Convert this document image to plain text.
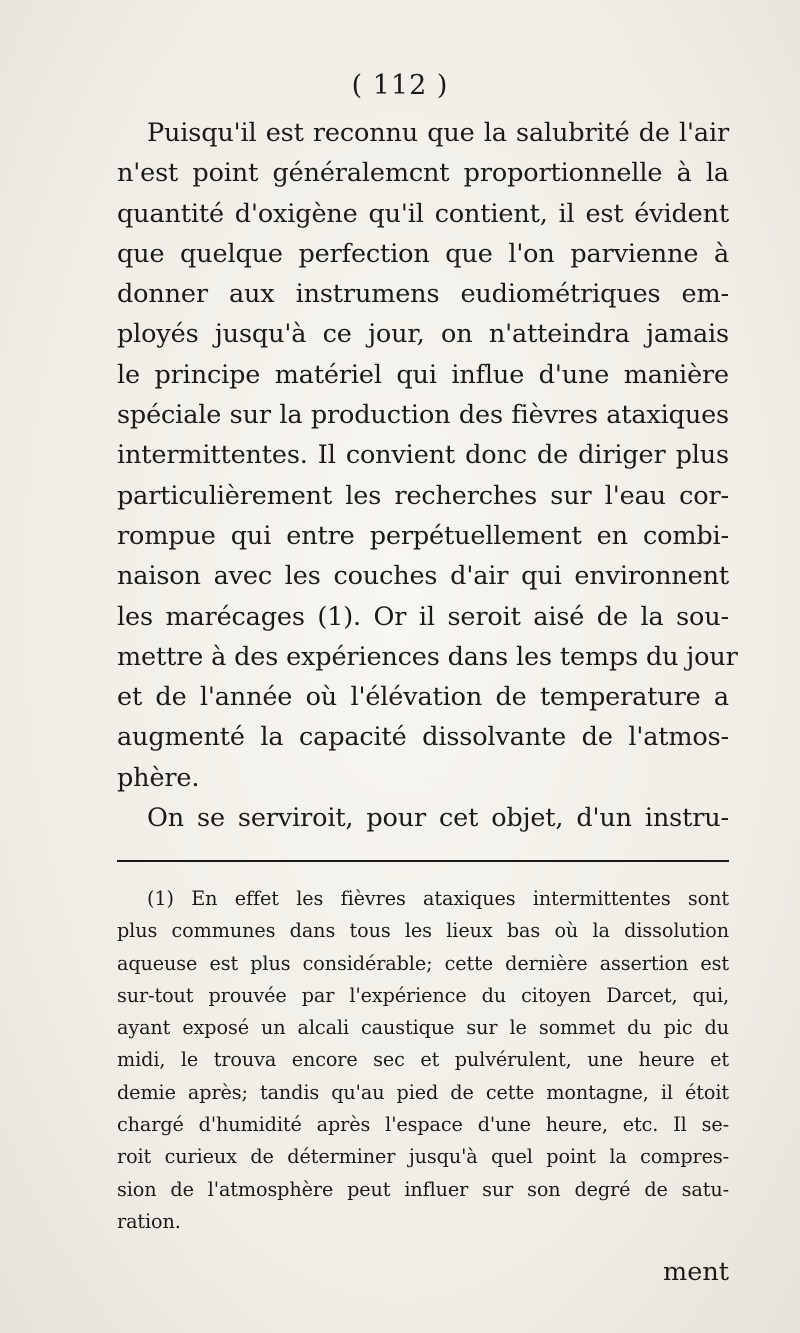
( 112 )
Puisqu'il est reconnu que la salubrité de l'air
n'est point généralemcnt proportionnelle à la
quantité d'oxigène qu'il contient, il est évident
que quelque perfection que l'on parvienne à
donner aux instrumens eudiométriques em-
ployés jusqu'à ce jour, on n'atteindra jamais
le principe matériel qui influe d'une manière
spéciale sur la production des fièvres ataxiques
intermittentes. Il convient donc de diriger plus
particulièrement les recherches sur l'eau cor-
rompue qui entre perpétuellement en combi-
naison avec les couches d'air qui environnent
les marécages (1). Or il seroit aisé de la sou-
mettre à des expériences dans les temps du jour
et de l'année où l'élévation de temperature a
augmenté la capacité dissolvante de l'atmos-
phère.
On se serviroit, pour cet objet, d'un instru-
(1) En effet les fièvres ataxiques intermittentes sont
plus communes dans tous les lieux bas où la dissolution
aqueuse est plus considérable; cette dernière assertion est
sur-tout prouvée par l'expérience du citoyen Darcet, qui,
ayant exposé un alcali caustique sur le sommet du pic du
midi, le trouva encore sec et pulvérulent, une heure et
demie après; tandis qu'au pied de cette montagne, il étoit
chargé d'humidité après l'espace d'une heure, etc. Il se-
roit curieux de déterminer jusqu'à quel point la compres-
sion de l'atmosphère peut influer sur son degré de satu-
ration.
ment
